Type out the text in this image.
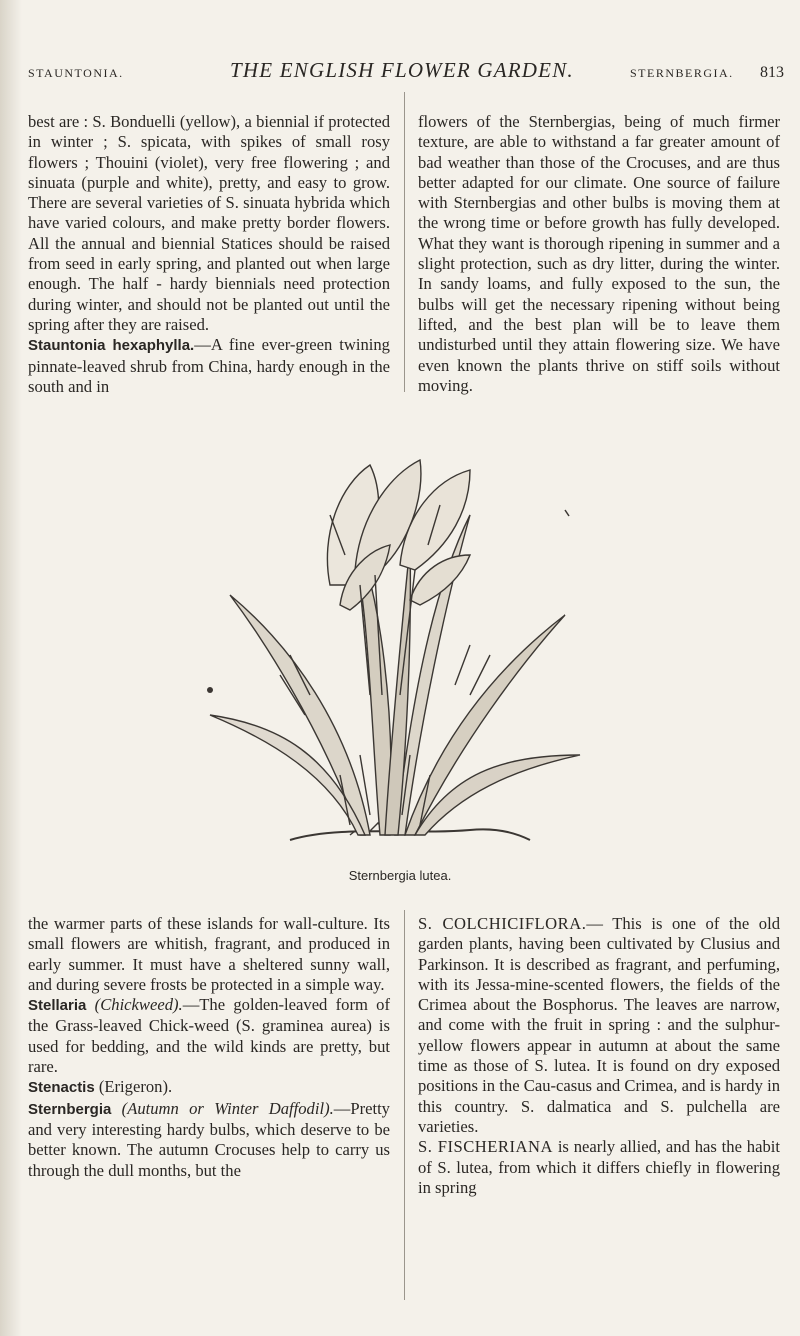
STAUNTONIA.	THE ENGLISH FLOWER GARDEN.	STERNBERGIA. 813

best are : S. Bonduelli (yellow), a biennial if protected in winter ; S. spicata, with spikes of small rosy flowers ; Thouini (violet), very free flowering ; and sinuata (purple and white), pretty, and easy to grow. There are several varieties of S. sinuata hybrida which have varied colours, and make pretty border flowers. All the annual and biennial Statices should be raised from seed in early spring, and planted out when large enough. The half - hardy biennials need protection during winter, and should not be planted out until the spring after they are raised.

Stauntonia hexaphylla.—A fine ever-green twining pinnate-leaved shrub from China, hardy enough in the south and in

flowers of the Sternbergias, being of much firmer texture, are able to withstand a far greater amount of bad weather than those of the Crocuses, and are thus better adapted for our climate. One source of failure with Sternbergias and other bulbs is moving them at the wrong time or before growth has fully developed. What they want is thorough ripening in summer and a slight protection, such as dry litter, during the winter. In sandy loams, and fully exposed to the sun, the bulbs will get the necessary ripening without being lifted, and the best plan will be to leave them undisturbed until they attain flowering size. We have even known the plants thrive on stiff soils without moving.

Sternbergia lutea.

the warmer parts of these islands for wall-culture. Its small flowers are whitish, fragrant, and produced in early summer. It must have a sheltered sunny wall, and during severe frosts be protected in a simple way.

Stellaria (Chickweed).—The golden-leaved form of the Grass-leaved Chick-weed (S. graminea aurea) is used for bedding, and the wild kinds are pretty, but rare.

Stenactis (Erigeron).

Sternbergia (Autumn or Winter Daffodil).—Pretty and very interesting hardy bulbs, which deserve to be better known. The autumn Crocuses help to carry us through the dull months, but the

S. COLCHICIFLORA.— This is one of the old garden plants, having been cultivated by Clusius and Parkinson. It is described as fragrant, and perfuming, with its Jessa-mine-scented flowers, the fields of the Crimea about the Bosphorus. The leaves are narrow, and come with the fruit in spring : and the sulphur-yellow flowers appear in autumn at about the same time as those of S. lutea. It is found on dry exposed positions in the Cau-casus and Crimea, and is hardy in this country. S. dalmatica and S. pulchella are varieties.

S. FISCHERIANA is nearly allied, and has the habit of S. lutea, from which it differs chiefly in flowering in spring
